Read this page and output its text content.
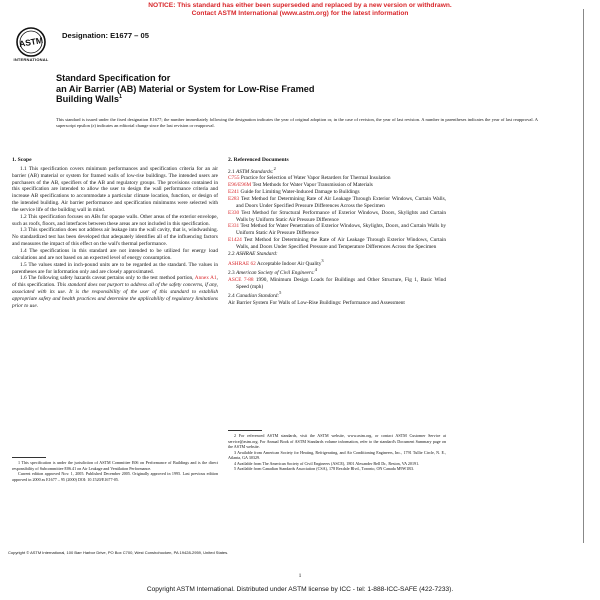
NOTICE: This standard has either been superseded and replaced by a new version or withdrawn.
Contact ASTM International (www.astm.org) for the latest information
ASTM
INTERNATIONAL
Designation: E1677 – 05
Standard Specification for
an Air Barrier (AB) Material or System for Low-Rise Framed
Building Walls$^1$
This standard is issued under the fixed designation E1677; the number immediately following the designation indicates the year of original adoption or, in the case of revision, the year of last revision. A number in parentheses indicates the year of last reapproval. A superscript epsilon (ε) indicates an editorial change since the last revision or reapproval.
1. Scope

1.1 This specification covers minimum performances and specification criteria for an air barrier (AB) material or system for framed walls of low-rise buildings. The intended users are purchasers of the AB, specifiers of the AB and regulatory groups. The provisions contained in this specification are intended to allow the user to design the wall performance criteria and increase AB specifications to accommodate a particular climate location, function, or design of the intended building. Air barrier performance and specification minimums were selected with the service life of the building wall in mind.

1.2 This specification focuses on ABs for opaque walls. Other areas of the exterior envelope, such as roofs, floors, and interfaces between these areas are not included in this specification.

1.3 This specification does not address air leakage into the wall cavity, that is, windwashing. No standardized test has been developed that adequately identifies all of the influencing factors and measures the impact of this effect on the wall's thermal performance.

1.4 The specifications in this standard are not intended to be utilized for energy load calculations and are not based on an expected level of energy consumption.

1.5 The values stated in inch-pound units are to be regarded as the standard. The values in parentheses are for information only and are closely approximated.

1.6 The following safety hazards caveat pertains only to the test method portion, Annex A1, of this specification. This standard does not purport to address all of the safety concerns, if any, associated with its use. It is the responsibility of the user of this standard to establish appropriate safety and health practices and determine the applicability of regulatory limitations prior to use.

1 This specification is under the jurisdiction of ASTM Committee E06 on Performance of Buildings and is the direct responsibility of Subcommittee E06.41 on Air Leakage and Ventilation Performance.

Current edition approved Nov. 1, 2005. Published December 2005. Originally approved in 1995. Last previous edition approved in 2000 as E1677 – 95 (2000) DOI: 10.1520/E1677-05.

2. Referenced Documents
2.1 ASTM Standards:$^2$
C755 Practice for Selection of Water Vapor Retarders for Thermal Insulation
E96/E96M Test Methods for Water Vapor Transmission of Materials
E241 Guide for Limiting Water-Induced Damage to Buildings
E283 Test Method for Determining Rate of Air Leakage Through Exterior Windows, Curtain Walls, and Doors Under Specified Pressure Differences Across the Specimen
E330 Test Method for Structural Performance of Exterior Windows, Doors, Skylights and Curtain Walls by Uniform Static Air Pressure Difference
E331 Test Method for Water Penetration of Exterior Windows, Skylights, Doors, and Curtain Walls by Uniform Static Air Pressure Difference
E1424 Test Method for Determining the Rate of Air Leakage Through Exterior Windows, Curtain Walls, and Doors Under Specified Pressure and Temperature Differences Across the Specimen
2.2 ASHRAE Standard:
ASHRAE 62 Acceptable Indoor Air Quality$^3$
2.3 American Society of Civil Engineers:$^4$
ASCE 7-88 1990, Minimum Design Loads for Buildings and Other Structure, Fig 1, Basic Wind Speed (mph)
2.4 Canadian Standard:$^5$
Air Barrier System For Walls of Low-Rise Buildings: Performance and Assessment

2 For referenced ASTM standards, visit the ASTM website, www.astm.org, or contact ASTM Customer Service at service@astm.org. For Annual Book of ASTM Standards volume information, refer to the standard's Document Summary page on the ASTM website.

3 Available from American Society for Heating, Refrigerating, and Air Conditioning Engineers, Inc., 1791 Tullie Circle, N. E., Atlanta, GA 30329.

4 Available from The American Society of Civil Engineers (ASCE), 1801 Alexander Bell Dr., Reston, VA 20191.

5 Available from Canadian Standards Association (CSA), 178 Rexdale Blvd., Toronto, ON Canada M9W1R3.

Copyright © ASTM International, 100 Barr Harbor Drive, PO Box C700, West Conshohocken, PA 19428-2959, United States.
1
Copyright ASTM International. Distributed under ASTM license by ICC - tel: 1-888-ICC-SAFE (422-7233).
